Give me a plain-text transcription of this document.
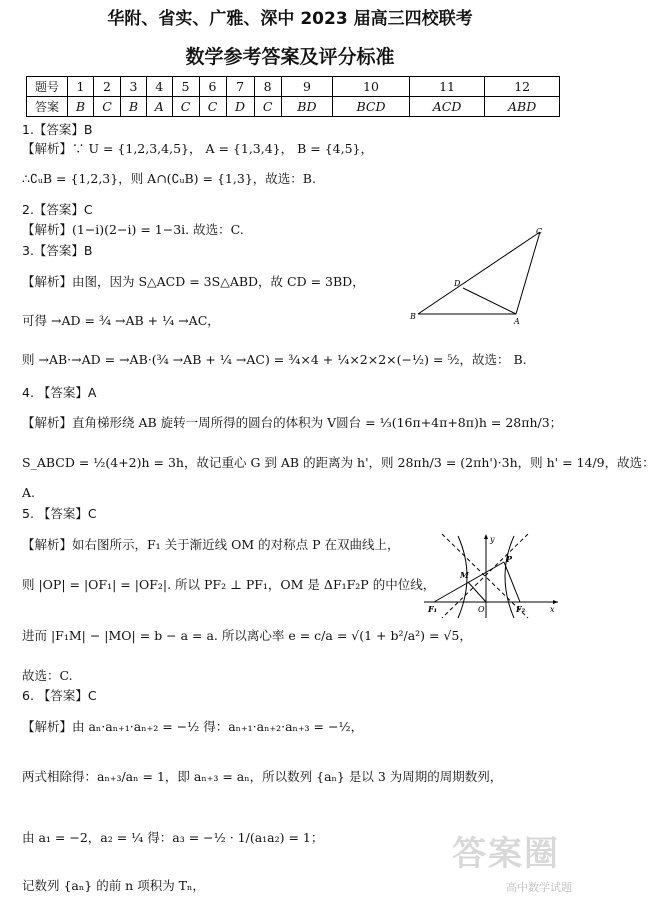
华附、省实、广雅、深中 2023 届高三四校联考
数学参考答案及评分标准
题号	1	2	3	4	5	6	7	8	9	10	11	12
答案	B	C	B	A	C	C	D	C	BD	BCD	ACD	ABD
1.【答案】B
【解析】∵ U = {1,2,3,4,5}， A = {1,3,4}， B = {4,5}，
∴∁ᵤB = {1,2,3}，则 A∩(∁ᵤB) = {1,3}，故选：B.
2.【答案】C
【解析】(1−i)(2−i) = 1−3i. 故选：C.
3.【答案】B
【解析】由图，因为 S△ACD = 3S△ABD，故 CD = 3BD，
可得 →AD = ³⁄₄ →AB + ¼ →AC，
则 →AB·→AD = →AB·(³⁄₄ →AB + ¼ →AC) = ³⁄₄×4 + ¼×2×2×(−½) = ⁵⁄₂，故选： B.
C
D
B
A
4. 【答案】A
【解析】直角梯形绕 AB 旋转一周所得的圆台的体积为 V圆台 = ⅓(16π+4π+8π)h = 28πh/3；
S_ABCD = ½(4+2)h = 3h，故记重心 G 到 AB 的距离为 h'，则 28πh/3 = (2πh')·3h，则 h' = 14/9，故选：
A.
5. 【答案】C
【解析】如右图所示，F₁ 关于渐近线 OM 的对称点 P 在双曲线上，
则 |OP| = |OF₁| = |OF₂|. 所以 PF₂ ⊥ PF₁，OM 是 ΔF₁F₂P 的中位线，
进而 |F₁M| − |MO| = b − a = a. 所以离心率 e = c/a = √(1 + b²/a²) = √5，
故选：C.
y
x
M
P
O
F₁	F₂
6. 【答案】C
【解析】由 aₙ·aₙ₊₁·aₙ₊₂ = −½ 得：aₙ₊₁·aₙ₊₂·aₙ₊₃ = −½，
两式相除得：aₙ₊₃/aₙ = 1，即 aₙ₊₃ = aₙ，所以数列 {aₙ} 是以 3 为周期的周期数列，
由 a₁ = −2，a₂ = ¼ 得：a₃ = −½ · 1/(a₁a₂) = 1；
记数列 {aₙ} 的前 n 项积为 Tₙ，
答案圈
高中数学试题
